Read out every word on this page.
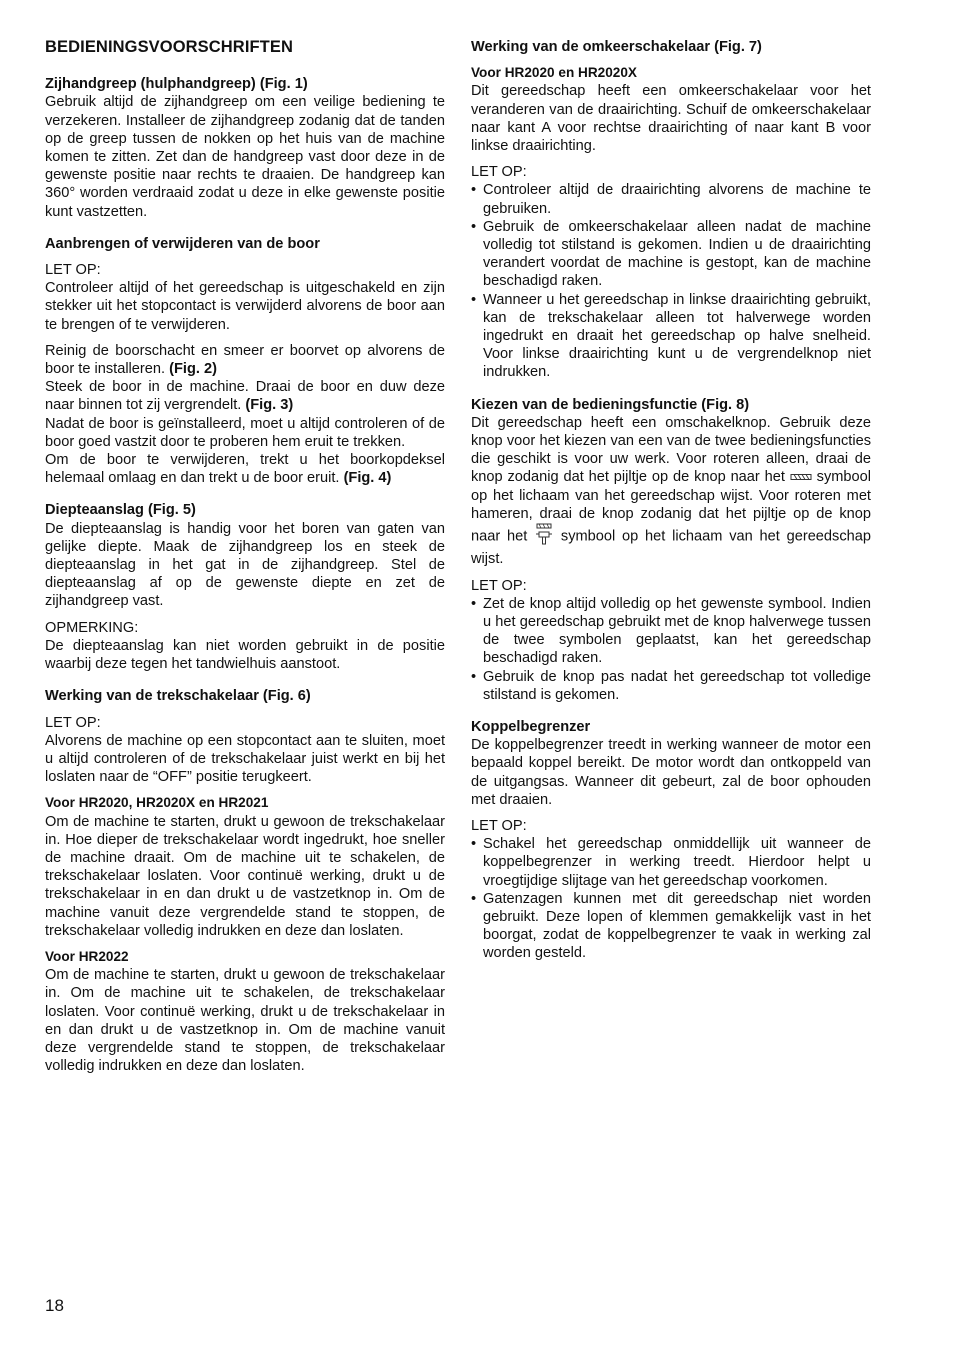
BEDIENINGSVOORSCHRIFTEN
Zijhandgreep (hulphandgreep) (Fig. 1)

Gebruik altijd de zijhandgreep om een veilige bediening te verzekeren. Installeer de zijhandgreep zodanig dat de tanden op de greep tussen de nokken op het huis van de machine komen te zitten. Zet dan de handgreep vast door deze in de gewenste positie naar rechts te draaien. De handgreep kan 360° worden verdraaid zodat u deze in elke gewenste positie kunt vastzetten.

Aanbrengen of verwijderen van de boor

LET OP:

Controleer altijd of het gereedschap is uitgeschakeld en zijn stekker uit het stopcontact is verwijderd alvorens de boor aan te brengen of te verwijderen.

Reinig de boorschacht en smeer er boorvet op alvorens de boor te installeren. (Fig. 2)

Steek de boor in de machine. Draai de boor en duw deze naar binnen tot zij vergrendelt. (Fig. 3)

Nadat de boor is geïnstalleerd, moet u altijd controleren of de boor goed vastzit door te proberen hem eruit te trekken.

Om de boor te verwijderen, trekt u het boorkopdeksel helemaal omlaag en dan trekt u de boor eruit. (Fig. 4)

Diepteaanslag (Fig. 5)

De diepteaanslag is handig voor het boren van gaten van gelijke diepte. Maak de zijhandgreep los en steek de diepteaanslag in het gat in de zijhandgreep. Stel de diepteaanslag af op de gewenste diepte en zet de zijhandgreep vast.

OPMERKING:

De diepteaanslag kan niet worden gebruikt in de positie waarbij deze tegen het tandwielhuis aanstoot.

Werking van de trekschakelaar (Fig. 6)

LET OP:

Alvorens de machine op een stopcontact aan te sluiten, moet u altijd controleren of de trekschakelaar juist werkt en bij het loslaten naar de “OFF” positie terugkeert.

Voor HR2020, HR2020X en HR2021

Om de machine te starten, drukt u gewoon de trekschakelaar in. Hoe dieper de trekschakelaar wordt ingedrukt, hoe sneller de machine draait. Om de machine uit te schakelen, de trekschakelaar loslaten. Voor continuë werking, drukt u de trekschakelaar in en dan drukt u de vastzetknop in. Om de machine vanuit deze vergrendelde stand te stoppen, de trekschakelaar volledig indrukken en deze dan loslaten.

Voor HR2022

Om de machine te starten, drukt u gewoon de trekschakelaar in. Om de machine uit te schakelen, de trekschakelaar loslaten. Voor continuë werking, drukt u de trekschakelaar in en dan drukt u de vastzetknop in. Om de machine vanuit deze vergrendelde stand te stoppen, de trekschakelaar volledig indrukken en deze dan loslaten.

Werking van de omkeerschakelaar (Fig. 7)
Voor HR2020 en HR2020X

Dit gereedschap heeft een omkeerschakelaar voor het veranderen van de draairichting. Schuif de omkeerschakelaar naar kant A voor rechtse draairichting of naar kant B voor linkse draairichting.

LET OP:

• Controleer altijd de draairichting alvorens de machine te gebruiken.
• Gebruik de omkeerschakelaar alleen nadat de machine volledig tot stilstand is gekomen. Indien u de draairichting verandert voordat de machine is gestopt, kan de machine beschadigd raken.
• Wanneer u het gereedschap in linkse draairichting gebruikt, kan de trekschakelaar alleen tot halverwege worden ingedrukt en draait het gereedschap op halve snelheid. Voor linkse draairichting kunt u de vergrendelknop niet indrukken.
Kiezen van de bedieningsfunctie (Fig. 8)

Dit gereedschap heeft een omschakelknop. Gebruik deze knop voor het kiezen van een van de twee bedieningsfuncties die geschikt is voor uw werk. Voor roteren alleen, draai de knop zodanig dat het pijltje op de knop naar het symbool op het lichaam van het gereedschap wijst. Voor roteren met hameren, draai de knop zodanig dat het pijltje op de knop naar het symbool op het lichaam van het gereedschap wijst.

LET OP:

• Zet de knop altijd volledig op het gewenste symbool. Indien u het gereedschap gebruikt met de knop halverwege tussen de twee symbolen geplaatst, kan het gereedschap beschadigd raken.
• Gebruik de knop pas nadat het gereedschap tot volledige stilstand is gekomen.
Koppelbegrenzer

De koppelbegrenzer treedt in werking wanneer de motor een bepaald koppel bereikt. De motor wordt dan ontkoppeld van de uitgangsas. Wanneer dit gebeurt, zal de boor ophouden met draaien.

LET OP:

• Schakel het gereedschap onmiddellijk uit wanneer de koppelbegrenzer in werking treedt. Hierdoor helpt u vroegtijdige slijtage van het gereedschap voorkomen.
• Gatenzagen kunnen met dit gereedschap niet worden gebruikt. Deze lopen of klemmen gemakkelijk vast in het boorgat, zodat de koppelbegrenzer te vaak in werking zal worden gesteld.
18
